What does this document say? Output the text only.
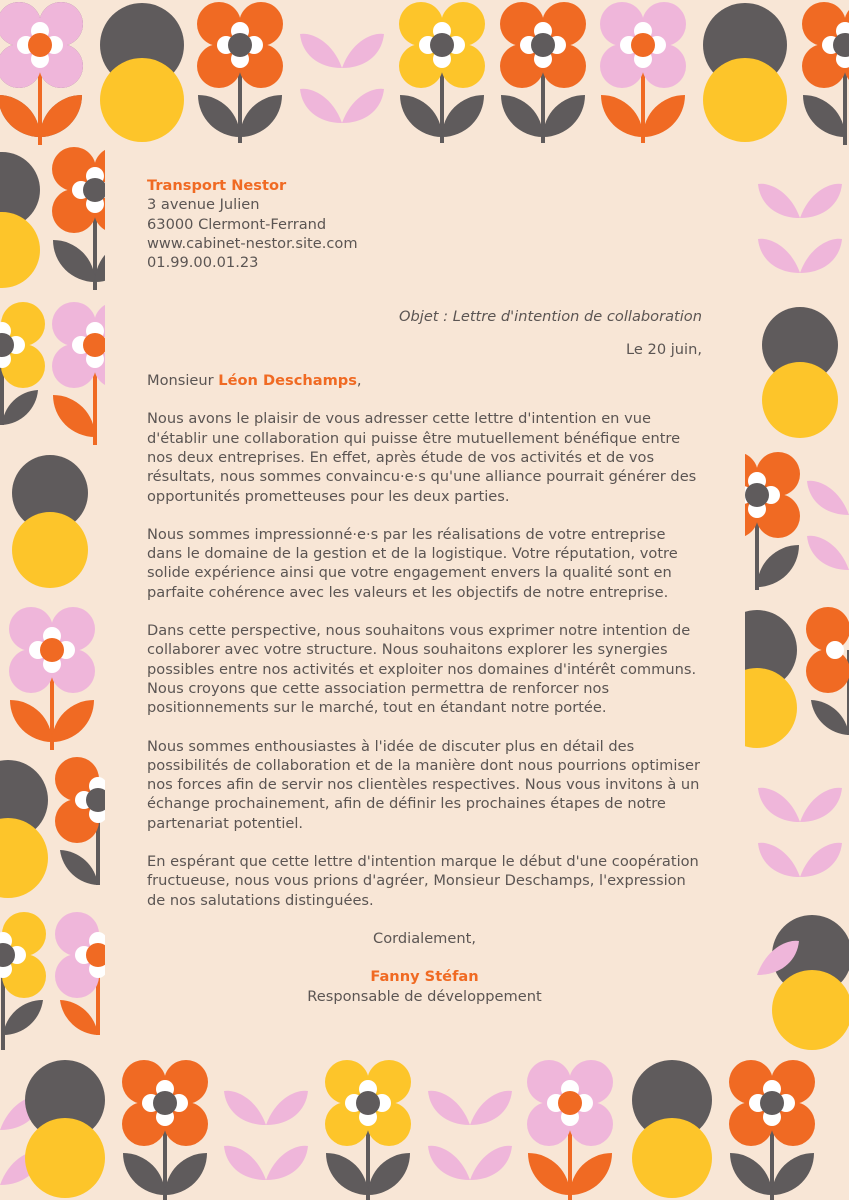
Transport Nestor
3 avenue Julien
63000 Clermont-Ferrand
www.cabinet-nestor.site.com
01.99.00.01.23
Objet : Lettre d'intention de collaboration
Le 20 juin,
Monsieur Léon Deschamps,
Nous avons le plaisir de vous adresser cette lettre d'intention en vue d'établir une collaboration qui puisse être mutuellement bénéfique entre nos deux entreprises. En effet, après étude de vos activités et de vos résultats, nous sommes convaincu·e·s qu'une alliance pourrait générer des opportunités prometteuses pour les deux parties.
Nous sommes impressionné·e·s par les réalisations de votre entreprise dans le domaine de la gestion et de la logistique. Votre réputation, votre solide expérience ainsi que votre engagement envers la qualité sont en parfaite cohérence avec les valeurs et les objectifs de notre entreprise.
Dans cette perspective, nous souhaitons vous exprimer notre intention de collaborer avec votre structure. Nous souhaitons explorer les synergies possibles entre nos activités et exploiter nos domaines d'intérêt communs. Nous croyons que cette association permettra de renforcer nos positionnements sur le marché, tout en étandant notre portée.
Nous sommes enthousiastes à l'idée de discuter plus en détail des possibilités de collaboration et de la manière dont nous pourrions optimiser nos forces afin de servir nos clientèles respectives. Nous vous invitons à un échange prochainement, afin de définir les prochaines étapes de notre partenariat potentiel.
En espérant que cette lettre d'intention marque le début d'une coopération fructueuse, nous vous prions d'agréer, Monsieur Deschamps, l'expression de nos salutations distinguées.
Cordialement,
Fanny Stéfan
Responsable de développement
